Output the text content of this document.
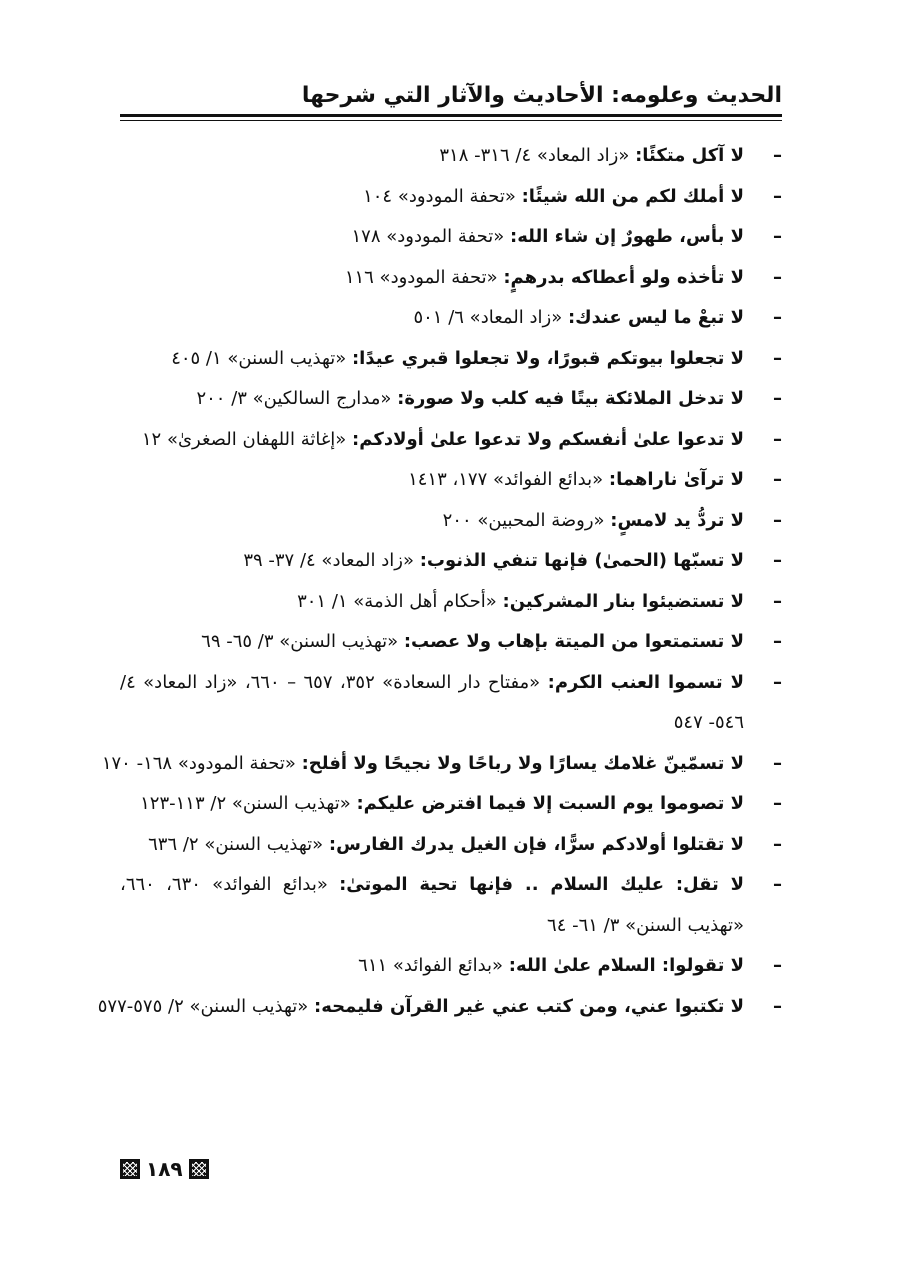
الحديث وعلومه: الأحاديث والآثار التي شرحها
–
لا آكل متكئًا: «زاد المعاد» ٤/ ٣١٦- ٣١٨
–
لا أملك لكم من الله شيئًا: «تحفة المودود» ١٠٤
–
لا بأس، طهورٌ إن شاء الله: «تحفة المودود» ١٧٨
–
لا تأخذه ولو أعطاكه بدرهمٍ: «تحفة المودود» ١١٦
–
لا تبعْ ما ليس عندك: «زاد المعاد» ٦/ ٥٠١
–
لا تجعلوا بيوتكم قبورًا، ولا تجعلوا قبري عيدًا: «تهذيب السنن» ١/ ٤٠٥
–
لا تدخل الملائكة بيتًا فيه كلب ولا صورة: «مدارج السالكين» ٣/ ٢٠٠
–
لا تدعوا علىٰ أنفسكم ولا تدعوا علىٰ أولادكم: «إغاثة اللهفان الصغرىٰ» ١٢
–
لا ترآىٰ ناراهما: «بدائع الفوائد» ١٧٧، ١٤١٣
–
لا تردُّ يد لامسٍ: «روضة المحبين» ٢٠٠
–
لا تسبّها (الحمىٰ) فإنها تنفي الذنوب: «زاد المعاد» ٤/ ٣٧- ٣٩
–
لا تستضيئوا بنار المشركين: «أحكام أهل الذمة» ١/ ٣٠١
–
لا تستمتعوا من الميتة بإهاب ولا عصب: «تهذيب السنن» ٣/ ٦٥- ٦٩
–
لا تسموا العنب الكرم: «مفتاح دار السعادة» ٣٥٢، ٦٥٧ – ٦٦٠، «زاد المعاد» ٤/ ٥٤٦- ٥٤٧
–
لا تسمّينّ غلامك يسارًا ولا رباحًا ولا نجيحًا ولا أفلح: «تحفة المودود» ١٦٨- ١٧٠
–
لا تصوموا يوم السبت إلا فيما افترض عليكم: «تهذيب السنن» ٢/ ١١٣-١٢٣
–
لا تقتلوا أولادكم سرًّا، فإن الغيل يدرك الفارس: «تهذيب السنن» ٢/ ٦٣٦
–
لا تقل: عليك السلام .. فإنها تحية الموتىٰ: «بدائع الفوائد» ٦٣٠، ٦٦٠، «تهذيب السنن» ٣/ ٦١- ٦٤
–
لا تقولوا: السلام علىٰ الله: «بدائع الفوائد» ٦١١
–
لا تكتبوا عني، ومن كتب عني غير القرآن فليمحه: «تهذيب السنن» ٢/ ٥٧٥-٥٧٧
١٨٩
